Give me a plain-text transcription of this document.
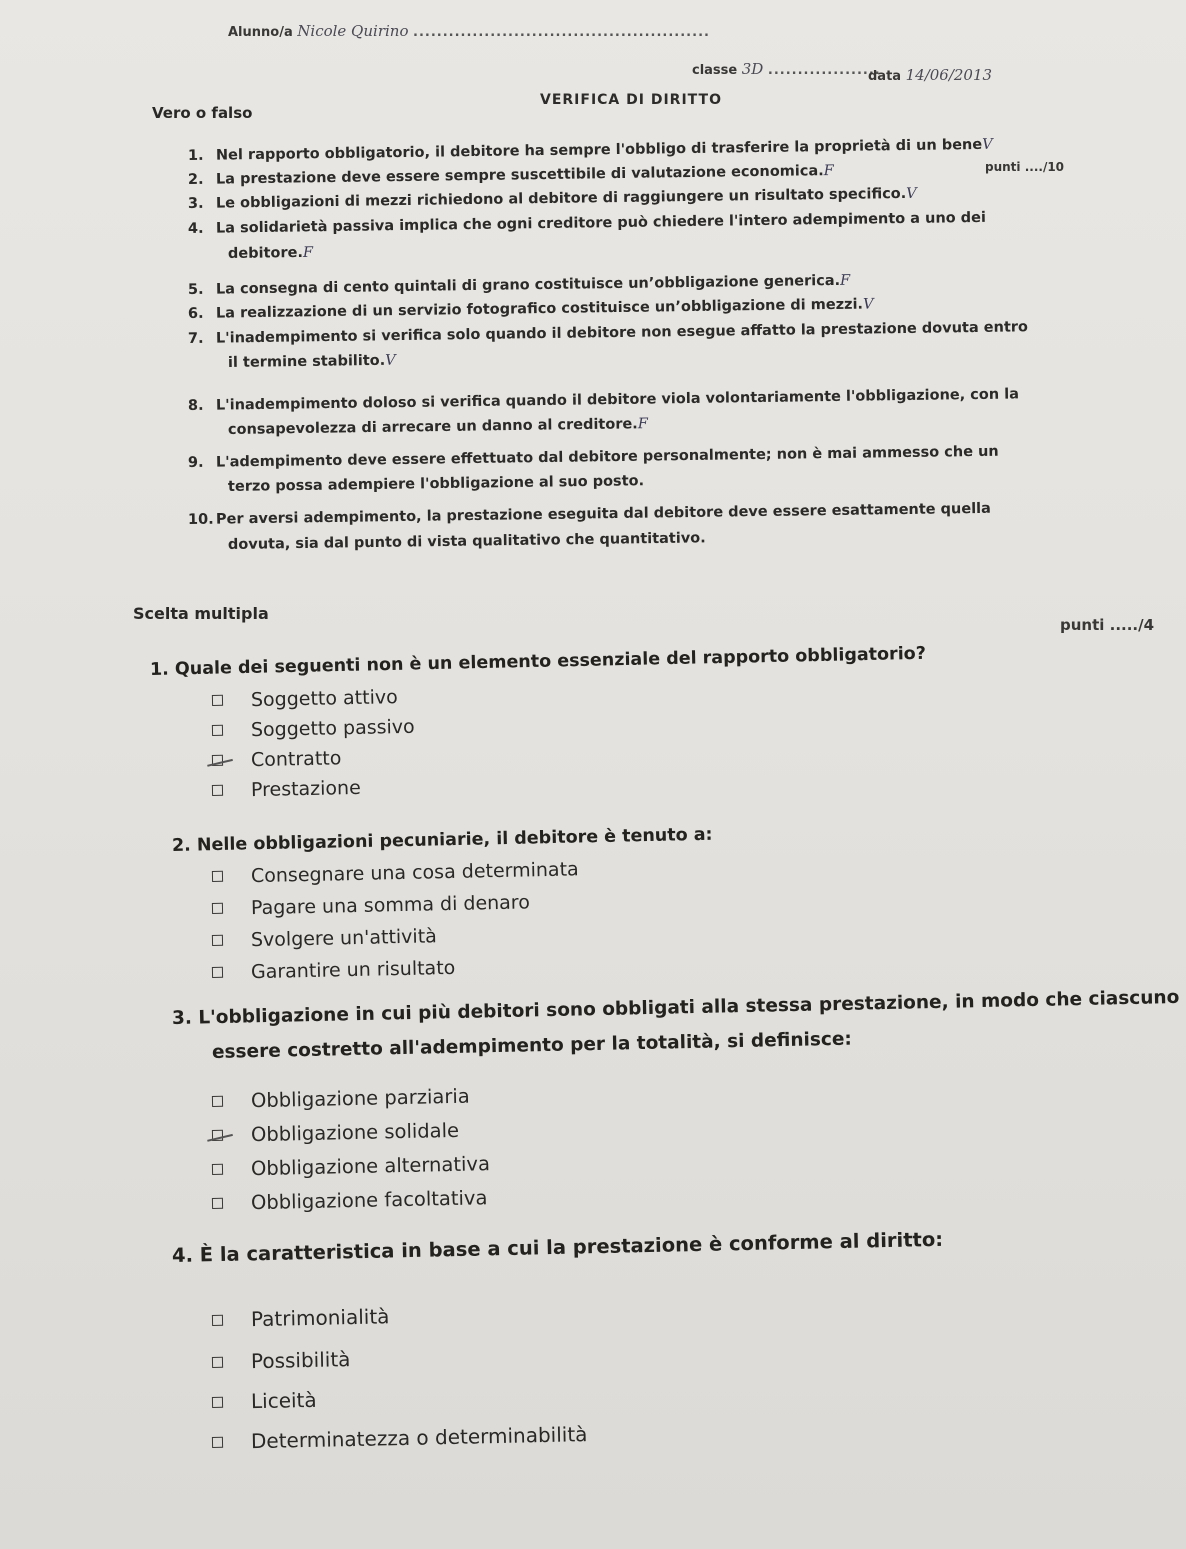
Alunno/a Nicole Quirino ..................................................
classe 3D ...................
data 14/06/2013
VERIFICA DI DIRITTO
Vero o falso
punti ..../10
1. Nel rapporto obbligatorio, il debitore ha sempre l'obbligo di trasferire la proprietà di un beneV
2. La prestazione deve essere sempre suscettibile di valutazione economica.F
3. Le obbligazioni di mezzi richiedono al debitore di raggiungere un risultato specifico.V
4. La solidarietà passiva implica che ogni creditore può chiedere l'intero adempimento a uno dei
debitore.F
5. La consegna di cento quintali di grano costituisce un’obbligazione generica.F
6. La realizzazione di un servizio fotografico costituisce un’obbligazione di mezzi.V
7. L'inadempimento si verifica solo quando il debitore non esegue affatto la prestazione dovuta entro
il termine stabilito.V
8. L'inadempimento doloso si verifica quando il debitore viola volontariamente l'obbligazione, con la
consapevolezza di arrecare un danno al creditore.F
9. L'adempimento deve essere effettuato dal debitore personalmente; non è mai ammesso che un
terzo possa adempiere l'obbligazione al suo posto.
10. Per aversi adempimento, la prestazione eseguita dal debitore deve essere esattamente quella
dovuta, sia dal punto di vista qualitativo che quantitativo.
Scelta multipla
punti ...../4
1. Quale dei seguenti non è un elemento essenziale del rapporto obbligatorio?
Soggetto attivo
Soggetto passivo
Contratto
Prestazione
2. Nelle obbligazioni pecuniarie, il debitore è tenuto a:
Consegnare una cosa determinata
Pagare una somma di denaro
Svolgere un'attività
Garantire un risultato
3. L'obbligazione in cui più debitori sono obbligati alla stessa prestazione, in modo che ciascuno
essere costretto all'adempimento per la totalità, si definisce:
Obbligazione parziaria
Obbligazione solidale
Obbligazione alternativa
Obbligazione facoltativa
4. È la caratteristica in base a cui la prestazione è conforme al diritto:
Patrimonialità
Possibilità
Liceità
Determinatezza o determinabilità
